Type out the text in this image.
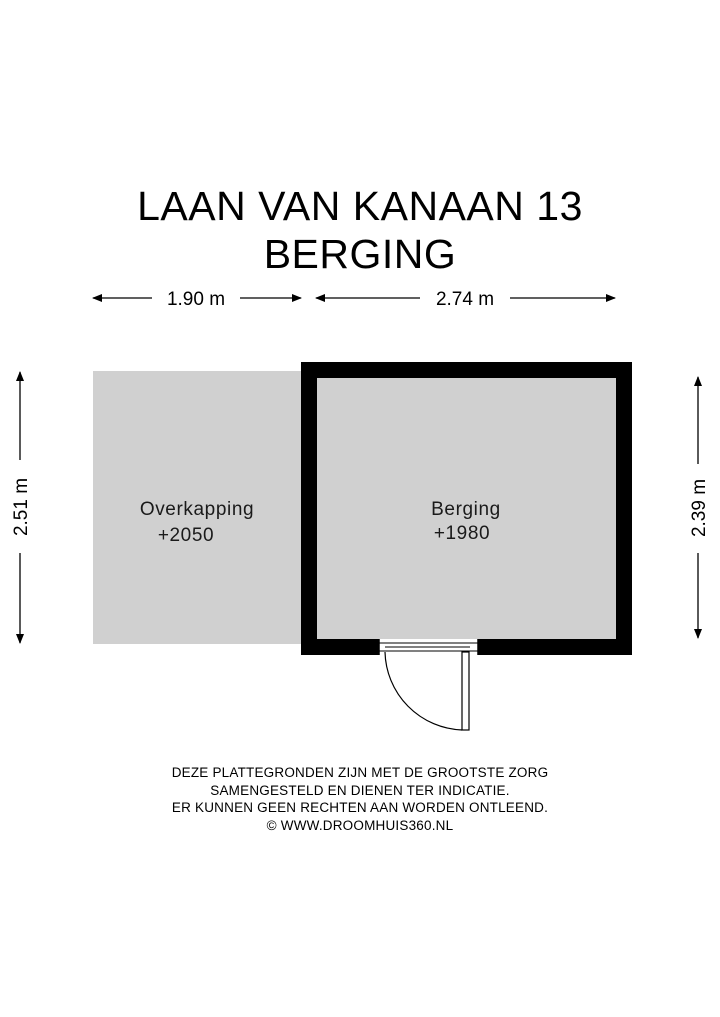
LAAN VAN KANAAN 13
BERGING
1.90 m	2.74 m
2.51 m	2.39 m
Overkapping
+2050
Berging
+1980
DEZE PLATTEGRONDEN ZIJN MET DE GROOTSTE ZORG
SAMENGESTELD EN DIENEN TER INDICATIE.
ER KUNNEN GEEN RECHTEN AAN WORDEN ONTLEEND.
© WWW.DROOMHUIS360.NL
